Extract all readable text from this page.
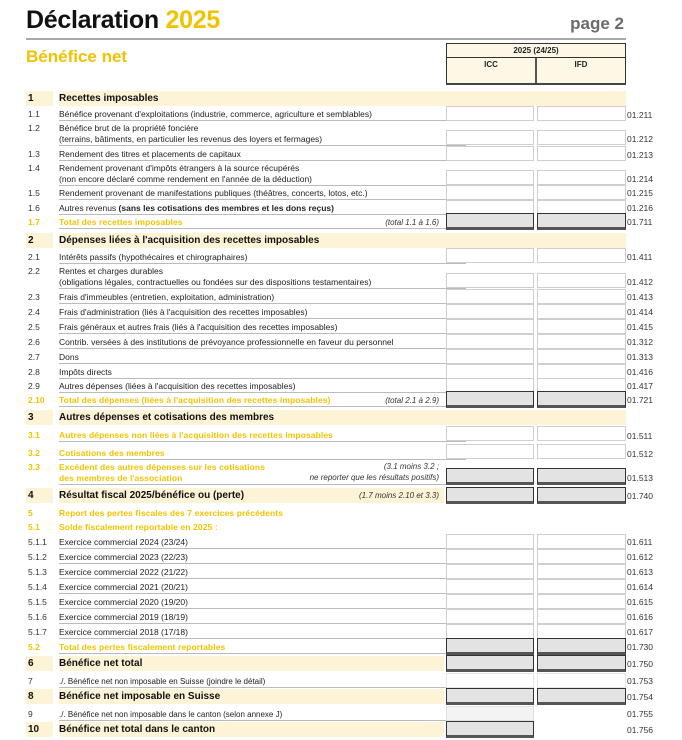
Déclaration 2025	page 2
Bénéfice net	2025 (24/25)
ICC	IFD
1	Recettes imposables
1.1 Bénéfice provenant d'exploitations (industrie, commerce, agriculture et semblables)	01.211
1.2 Bénéfice brut de la propriété foncière
(terrains, bâtiments, en particulier les revenus des loyers et fermages)	01.212
1.3 Rendement des titres et placements de capitaux	01.213
1.4 Rendement provenant d'impôts étrangers à la source récupérés
(non encore déclaré comme rendement en l'année de la déduction)	01.214
1.5 Rendement provenant de manifestations publiques (théâtres, concerts, lotos, etc.)	01.215
1.6 Autres revenus (sans les cotisations des membres et les dons reçus)	01.216
1.7 Total des recettes imposables	(total 1.1 à 1.6)	01.711
2	Dépenses liées à l'acquisition des recettes imposables
2.1 Intérêts passifs (hypothécaires et chirographaires)	01.411
2.2 Rentes et charges durables
(obligations légales, contractuelles ou fondées sur des dispositions testamentaires)	01.412
2.3 Frais d'immeubles (entretien, exploitation, administration)	01.413
2.4 Frais d'administration (liés à l'acquisition des recettes imposables)	01.414
2.5 Frais généraux et autres frais (liés à l'acquisition des recettes imposables)	01.415
2.6 Contrib. versées à des institutions de prévoyance professionnelle en faveur du personnel	01.312
2.7 Dons	01.313
2.8 Impôts directs	01.416
2.9 Autres dépenses (liées à l'acquisition des recettes imposables)	01.417
2.10 Total des dépenses (liées à l'acquisition des recettes imposables)	(total 2.1 à 2.9)	01.721
3	Autres dépenses et cotisations des membres
3.1 Autres dépenses non liées à l'acquisition des recettes imposables	01.511
3.2 Cotisations des membres	01.512
3.3 Excédent des autres dépenses sur les cotisations
des membres de l'association
(3.1 moins 3.2 ;
ne reporter que les résultats positifs)	01.513
4	Résultat fiscal 2025/bénéfice ou (perte)	(1.7 moins 2.10 et 3.3)	01.740
5	Report des pertes fiscales des 7 exercices précédents
5.1 Solde fiscalement reportable en 2025 :
5.1.1 Exercice commercial 2024 (23/24)	01.611
5.1.2 Exercice commercial 2023 (22/23)	01.612
5.1.3 Exercice commercial 2022 (21/22)	01.613
5.1.4 Exercice commercial 2021 (20/21)	01.614
5.1.5 Exercice commercial 2020 (19/20)	01.615
5.1.6 Exercice commercial 2019 (18/19)	01.616
5.1.7 Exercice commercial 2018 (17/18)	01.617
5.2 Total des pertes fiscalement reportables	01.730
6	Bénéfice net total	01.750
7	./. Bénéfice net non imposable en Suisse (joindre le détail)	01.753
8	Bénéfice net imposable en Suisse	01.754
9	./. Bénéfice net non imposable dans le canton (selon annexe J)	01.755
10 Bénéfice net total dans le canton	01.756
